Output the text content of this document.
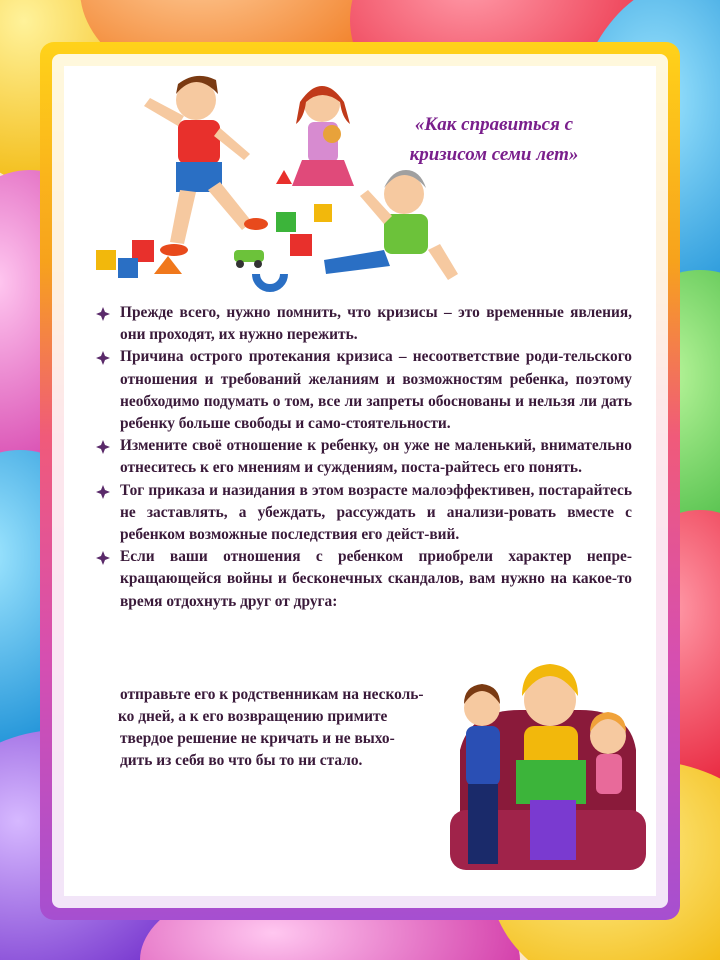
«Как справиться с
кризисом семи лет»
Прежде всего, нужно помнить, что кризисы – это временные явления, они проходят, их нужно пережить.
Причина острого протекания кризиса – несоответствие роди-тельского отношения и требований желаниям и возможностям ребенка, поэтому необходимо подумать о том, все ли запреты обоснованы и нельзя ли дать ребенку больше свободы и само-стоятельности.
Измените своё отношение к ребенку, он уже не маленький, внимательно отнеситесь к его мнениям и суждениям, поста-райтесь его понять.
Тог приказа и назидания в этом возрасте малоэффективен, постарайтесь не заставлять, а убеждать, рассуждать и анализи-ровать вместе с ребенком возможные последствия его дейст-вий.
Если ваши отношения с ребенком приобрели характер непре-кращающейся войны и бесконечных скандалов, вам нужно на какое-то время отдохнуть друг от друга:
отправьте его к родственникам на несколь-
ко дней, а к его возвращению примите
твердое решение не кричать и не выхо-
дить из себя во что бы то ни стало.
